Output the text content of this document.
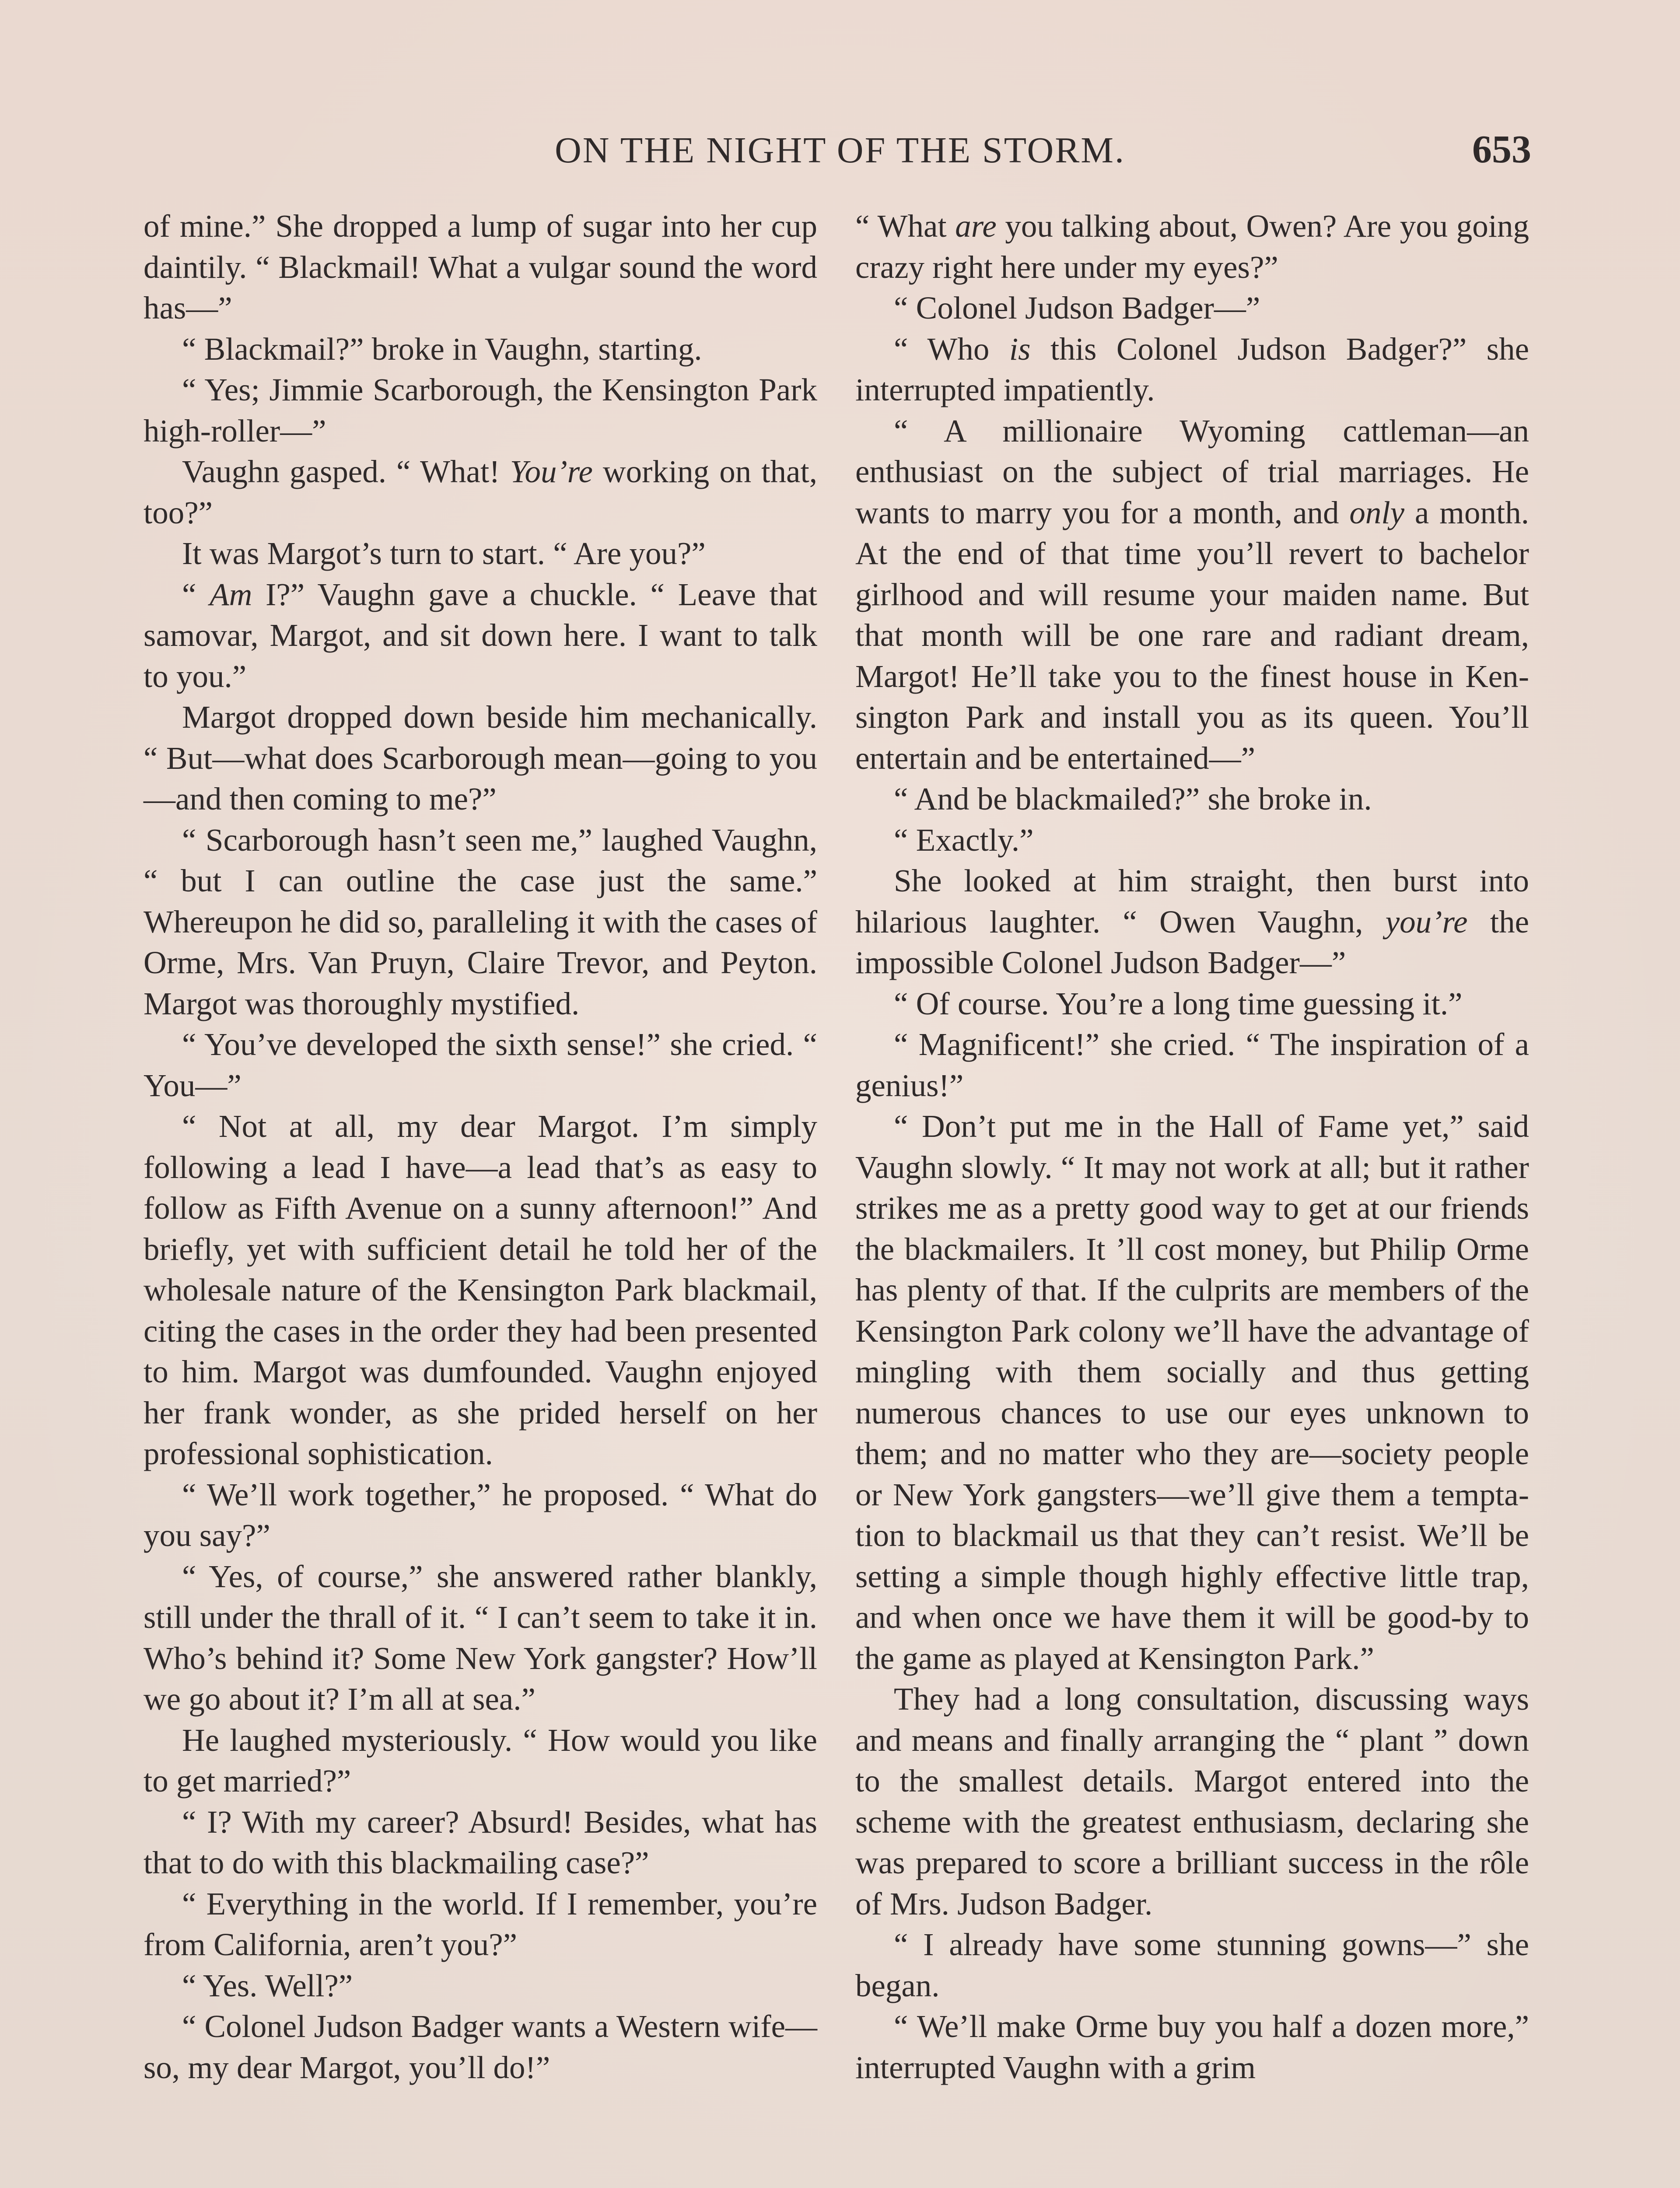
ON THE NIGHT OF THE STORM.	653

of mine.” She dropped a lump of sugar into her cup daintily. “ Blackmail! What a vulgar sound the word has—”

“ Blackmail?” broke in Vaughn, starting.

“ Yes; Jimmie Scarborough, the Kensington Park high-roller—”

Vaughn gasped. “ What! You’re working on that, too?”

It was Margot’s turn to start. “ Are you?”

“ Am I?” Vaughn gave a chuckle. “ Leave that samovar, Margot, and sit down here. I want to talk to you.”

Margot dropped down beside him mechanically. “ But—what does Scarborough mean—going to you—and then coming to me?”

“ Scarborough hasn’t seen me,” laughed Vaughn, “ but I can outline the case just the same.” Whereupon he did so, paralleling it with the cases of Orme, Mrs. Van Pruyn, Claire Trevor, and Peyton. Margot was thoroughly mystified.

“ You’ve developed the sixth sense!” she cried. “ You—”

“ Not at all, my dear Margot. I’m simply following a lead I have—a lead that’s as easy to follow as Fifth Avenue on a sunny afternoon!” And briefly, yet with sufficient detail he told her of the wholesale nature of the Kensington Park blackmail, citing the cases in the order they had been presented to him. Margot was dumfounded. Vaughn enjoyed her frank wonder, as she prided herself on her professional sophistication.

“ We’ll work together,” he proposed. “ What do you say?”

“ Yes, of course,” she answered rather blankly, still under the thrall of it. “ I can’t seem to take it in. Who’s behind it? Some New York gangster? How’ll we go about it? I’m all at sea.”

He laughed mysteriously. “ How would you like to get married?”

“ I? With my career? Absurd! Besides, what has that to do with this blackmailing case?”

“ Everything in the world. If I remember, you’re from California, aren’t you?”

“ Yes. Well?”

“ Colonel Judson Badger wants a Western wife—so, my dear Margot, you’ll do!”

“ What are you talking about, Owen? Are you going crazy right here under my eyes?”

“ Colonel Judson Badger—”

“ Who is this Colonel Judson Badger?” she interrupted impatiently.

“ A millionaire Wyoming cattleman—an enthusiast on the subject of trial marriages. He wants to marry you for a month, and only a month. At the end of that time you’ll revert to bachelor girlhood and will resume your maiden name. But that month will be one rare and radiant dream, Margot! He’ll take you to the finest house in Kensington Park and install you as its queen. You’ll entertain and be entertained—”

“ And be blackmailed?” she broke in.

“ Exactly.”

She looked at him straight, then burst into hilarious laughter. “ Owen Vaughn, you’re the impossible Colonel Judson Badger—”

“ Of course. You’re a long time guessing it.”

“ Magnificent!” she cried. “ The inspiration of a genius!”

“ Don’t put me in the Hall of Fame yet,” said Vaughn slowly. “ It may not work at all; but it rather strikes me as a pretty good way to get at our friends the blackmailers. It ’ll cost money, but Philip Orme has plenty of that. If the culprits are members of the Kensington Park colony we’ll have the advantage of mingling with them socially and thus getting numerous chances to use our eyes unknown to them; and no matter who they are—society people or New York gangsters—we’ll give them a temptation to blackmail us that they can’t resist. We’ll be setting a simple though highly effective little trap, and when once we have them it will be good-by to the game as played at Kensington Park.”

They had a long consultation, discussing ways and means and finally arranging the “ plant ” down to the smallest details. Margot entered into the scheme with the greatest enthusiasm, declaring she was prepared to score a brilliant success in the rôle of Mrs. Judson Badger.

“ I already have some stunning gowns—” she began.

“ We’ll make Orme buy you half a dozen more,” interrupted Vaughn with a grim
